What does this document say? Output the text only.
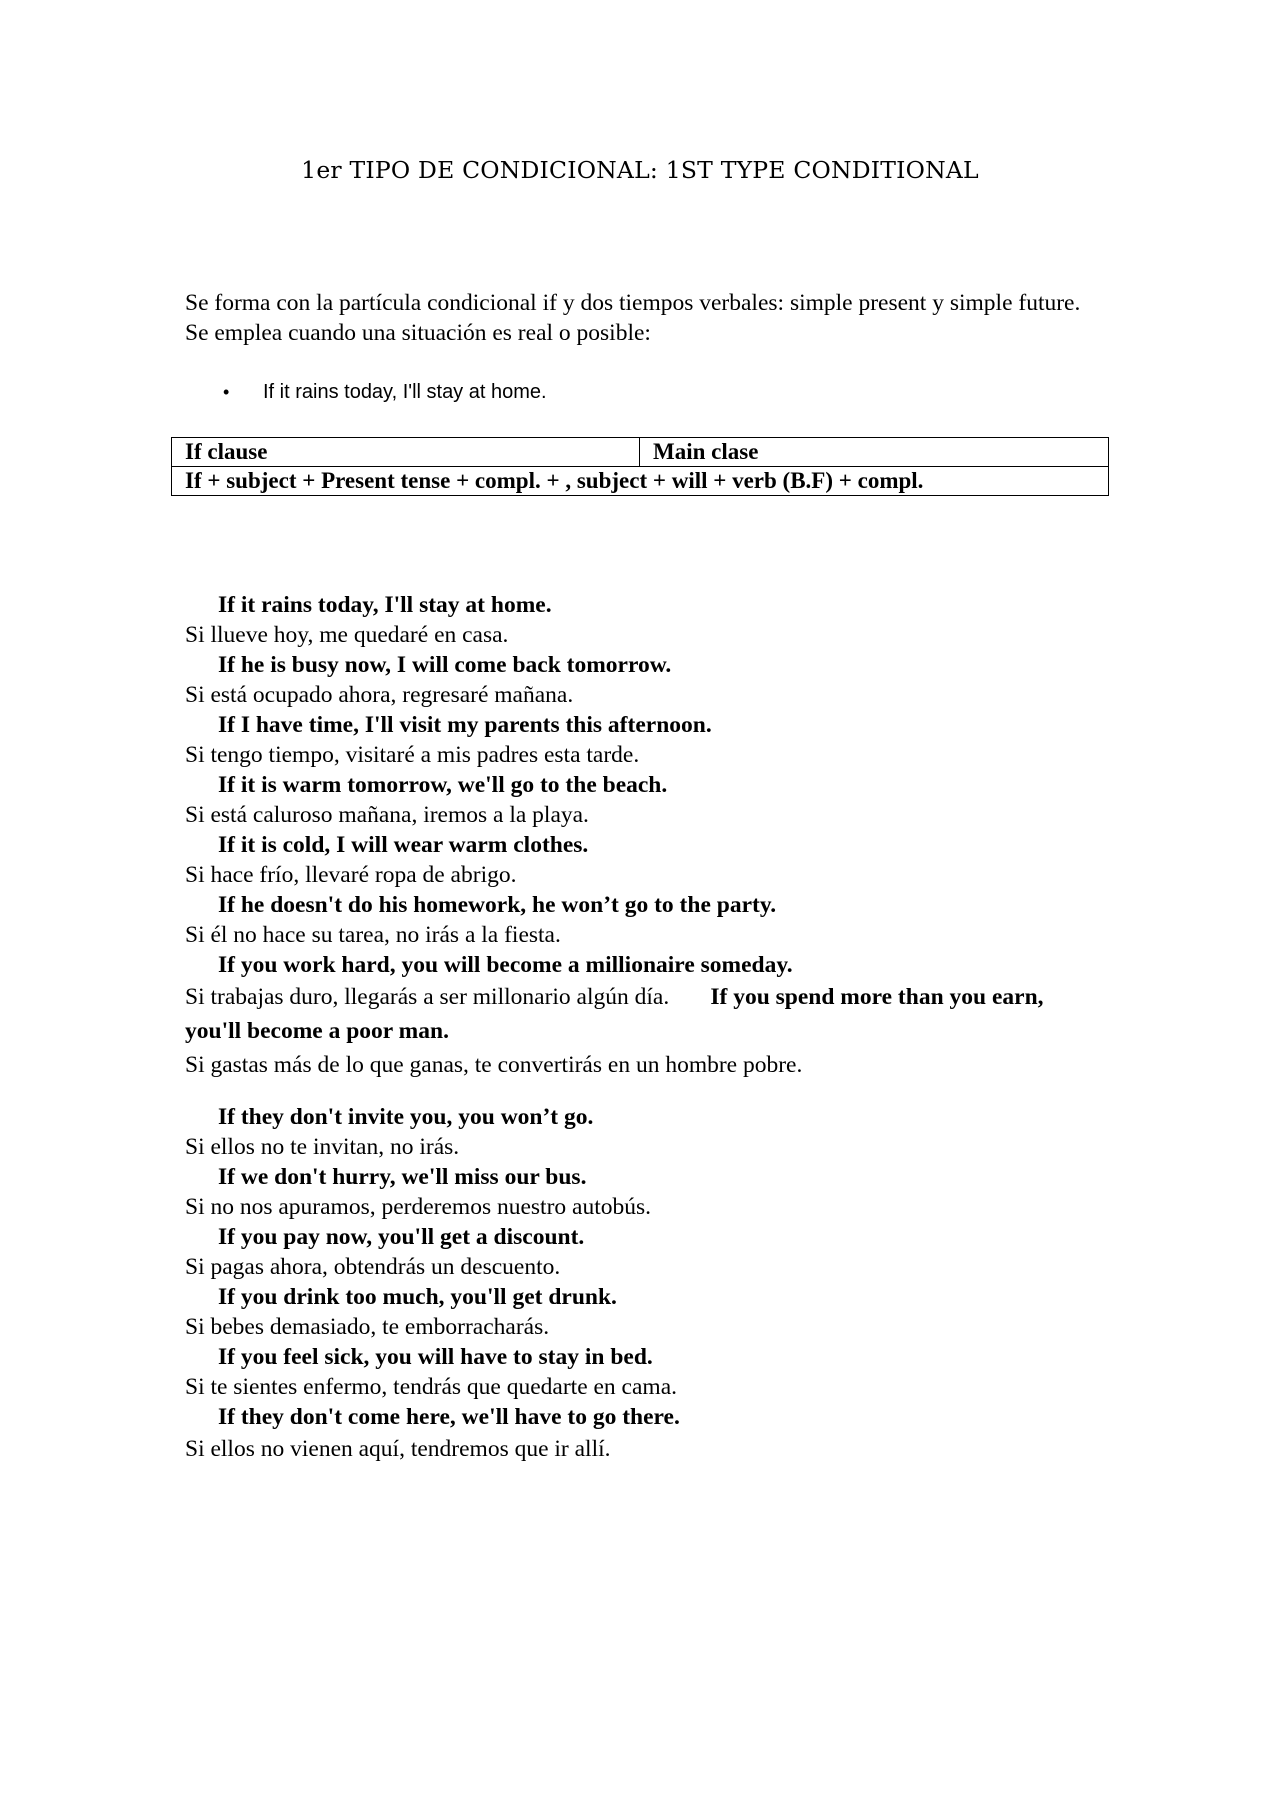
1er TIPO DE CONDICIONAL: 1ST TYPE CONDITIONAL
Se forma con la partícula condicional if y dos tiempos verbales: simple present y simple future. Se emplea cuando una situación es real o posible:
• If it rains today, I'll stay at home.
If clause	Main clase
If + subject + Present tense + compl. + , subject + will + verb (B.F) + compl.
If it rains today, I'll stay at home.
Si llueve hoy, me quedaré en casa.
If he is busy now, I will come back tomorrow.
Si está ocupado ahora, regresaré mañana.
If I have time, I'll visit my parents this afternoon.
Si tengo tiempo, visitaré a mis padres esta tarde.
If it is warm tomorrow, we'll go to the beach.
Si está caluroso mañana, iremos a la playa.
If it is cold, I will wear warm clothes.
Si hace frío, llevaré ropa de abrigo.
If he doesn't do his homework, he won’t go to the party.
Si él no hace su tarea, no irás a la fiesta.
If you work hard, you will become a millionaire someday.
Si trabajas duro, llegarás a ser millonario algún día. If you spend more than you earn, you'll become a poor man.
Si gastas más de lo que ganas, te convertirás en un hombre pobre.
If they don't invite you, you won’t go.
Si ellos no te invitan, no irás.
If we don't hurry, we'll miss our bus.
Si no nos apuramos, perderemos nuestro autobús.
If you pay now, you'll get a discount.
Si pagas ahora, obtendrás un descuento.
If you drink too much, you'll get drunk.
Si bebes demasiado, te emborracharás.
If you feel sick, you will have to stay in bed.
Si te sientes enfermo, tendrás que quedarte en cama.
If they don't come here, we'll have to go there.
Si ellos no vienen aquí, tendremos que ir allí.
